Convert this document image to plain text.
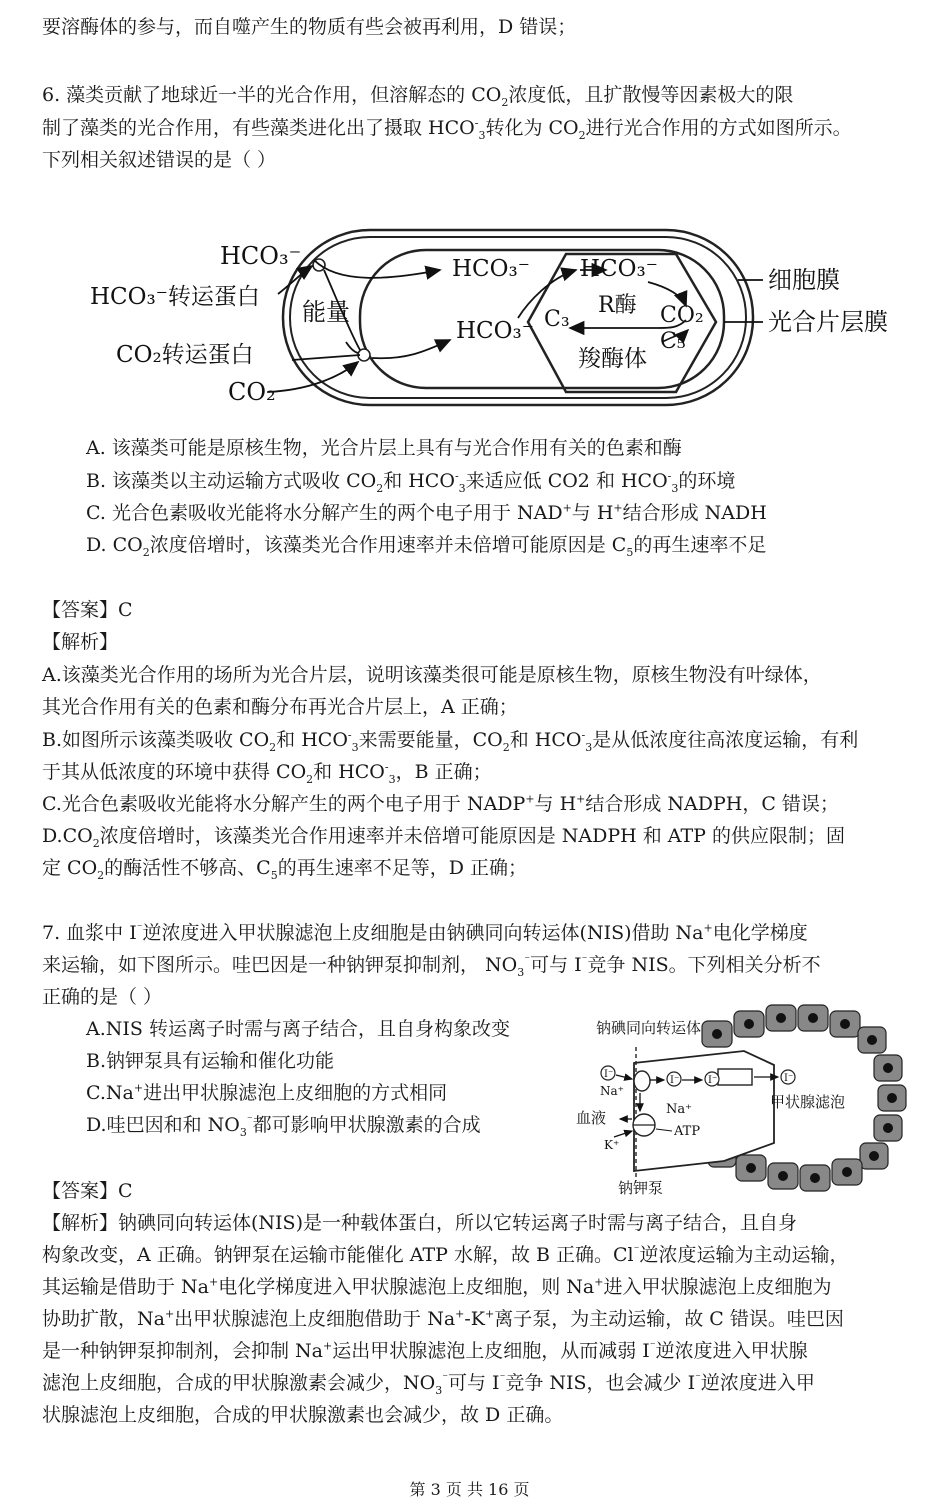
要溶酶体的参与，而自噬产生的物质有些会被再利用，D 错误；
6. 藻类贡献了地球近一半的光合作用，但溶解态的 $CO_2$浓度低，且扩散慢等因素极大的限
制了藻类的光合作用，有些藻类进化出了摄取 $HCO^-_3$转化为 $CO_2$进行光合作用的方式如图所示。
下列相关叙述错误的是（ ）
HCO₃⁻
HCO₃⁻转运蛋白
能量
CO₂转运蛋白
CO₂
HCO₃⁻
HCO₃⁻
HCO₃⁻
R酶
C₃	CO₂
C₅
羧酶体
细胞膜
光合片层膜
A. 该藻类可能是原核生物，光合片层上具有与光合作用有关的色素和酶
B. 该藻类以主动运输方式吸收 $CO_2$和 $HCO^-_3$来适应低 CO2 和 $HCO^-_3$的环境
C. 光合色素吸收光能将水分解产生的两个电子用于 NAD+与 H+结合形成 NADH
D. $CO_2$浓度倍增时，该藻类光合作用速率并未倍增可能原因是 $C_5$的再生速率不足
【答案】C
【解析】
A.该藻类光合作用的场所为光合片层，说明该藻类很可能是原核生物，原核生物没有叶绿体，
其光合作用有关的色素和酶分布再光合片层上，A 正确；
B.如图所示该藻类吸收 $CO_2$和 $HCO^-_3$来需要能量，$CO_2$和 $HCO^-_3$是从低浓度往高浓度运输，有利
于其从低浓度的环境中获得 $CO_2$和 $HCO^-_3$，B 正确；
C.光合色素吸收光能将水分解产生的两个电子用于 NADP+与 H+结合形成 NADPH，C 错误；
$D.CO_2$浓度倍增时，该藻类光合作用速率并未倍增可能原因是 NADPH 和 ATP 的供应限制；固
定 $CO_2$的酶活性不够高、$C_5$的再生速率不足等，D 正确；
7. 血浆中 I⁻逆浓度进入甲状腺滤泡上皮细胞是由钠碘同向转运体(NIS)借助 Na+电化学梯度
来运输，如下图所示。哇巴因是一种钠钾泵抑制剂， $NO_3^{^-}$可与 I⁻竞争 NIS。下列相关分析不
正确的是（ ）
A.NIS 转运离子时需与离子结合，且自身构象改变
B.钠钾泵具有运输和催化功能
C.Na+进出甲状腺滤泡上皮细胞的方式相同
D.哇巴因和和 $NO_3^{^-}$都可影响甲状腺激素的合成
钠碘同向转运体
I⁻
I⁻	I⁻	I⁻
Na⁺
血液	Na⁺
ATP
K⁺
甲状腺滤泡
钠钾泵
【答案】C
【解析】钠碘同向转运体(NIS)是一种载体蛋白，所以它转运离子时需与离子结合，且自身
构象改变，A 正确。钠钾泵在运输市能催化 ATP 水解，故 B 正确。Cl⁻逆浓度运输为主动运输，
其运输是借助于 Na+电化学梯度进入甲状腺滤泡上皮细胞，则 Na+进入甲状腺滤泡上皮细胞为
协助扩散，Na+出甲状腺滤泡上皮细胞借助于 Na+-K+离子泵，为主动运输，故 C 错误。哇巴因
是一种钠钾泵抑制剂，会抑制 Na+运出甲状腺滤泡上皮细胞，从而减弱 I⁻逆浓度进入甲状腺
滤泡上皮细胞，合成的甲状腺激素会减少，$NO_3^{^-}$可与 I⁻竞争 NIS，也会减少 I⁻逆浓度进入甲
状腺滤泡上皮细胞，合成的甲状腺激素也会减少，故 D 正确。
第 3 页 共 16 页
